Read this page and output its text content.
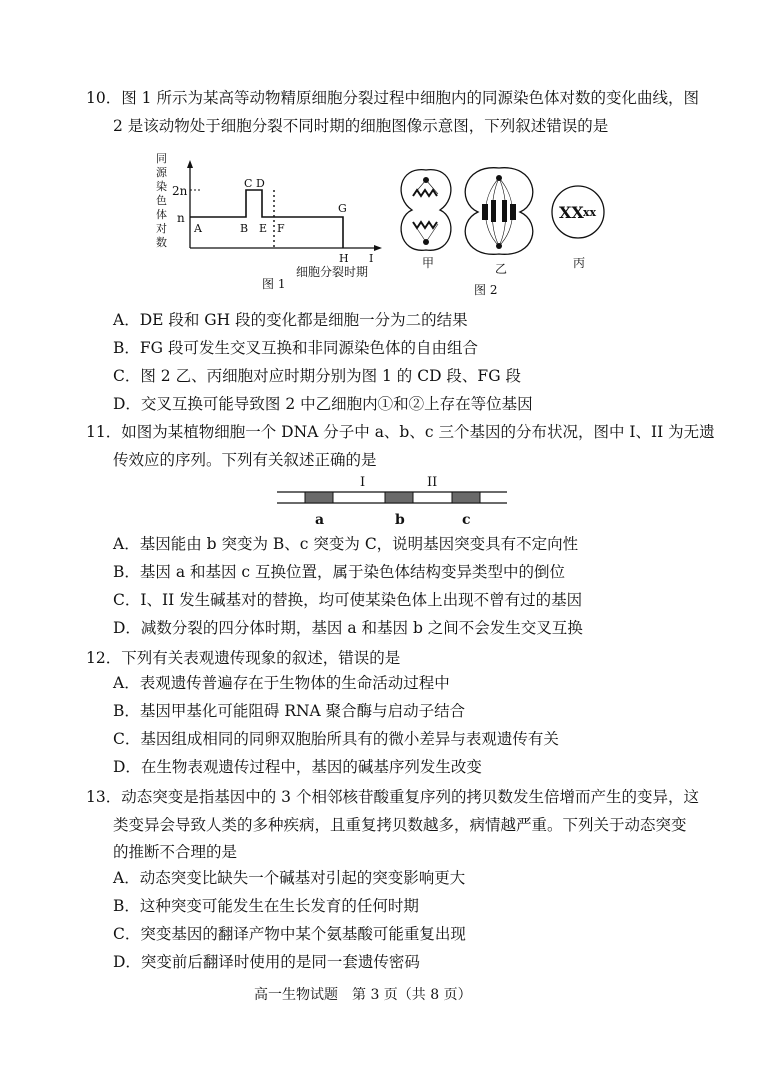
10．图 1 所示为某高等动物精原细胞分裂过程中细胞内的同源染色体对数的变化曲线，图
2 是该动物处于细胞分裂不同时期的细胞图像示意图，下列叙述错误的是
同
源
染
色
体
对
数
2n
n
A	B
C D
E F
G
H I
细胞分裂时期
图 1
甲	乙
XX xx
丙
图 2
A．DE 段和 GH 段的变化都是细胞一分为二的结果
B．FG 段可发生交叉互换和非同源染色体的自由组合
C．图 2 乙、丙细胞对应时期分别为图 1 的 CD 段、FG 段
D．交叉互换可能导致图 2 中乙细胞内①和②上存在等位基因
11．如图为某植物细胞一个 DNA 分子中 a、b、c 三个基因的分布状况，图中 I、II 为无遗
传效应的序列。下列有关叙述正确的是
I	II
a	b	c
A．基因能由 b 突变为 B、c 突变为 C，说明基因突变具有不定向性
B．基因 a 和基因 c 互换位置，属于染色体结构变异类型中的倒位
C．I、II 发生碱基对的替换，均可使某染色体上出现不曾有过的基因
D．减数分裂的四分体时期，基因 a 和基因 b 之间不会发生交叉互换
12．下列有关表观遗传现象的叙述，错误的是
A．表观遗传普遍存在于生物体的生命活动过程中
B．基因甲基化可能阻碍 RNA 聚合酶与启动子结合
C．基因组成相同的同卵双胞胎所具有的微小差异与表观遗传有关
D．在生物表观遗传过程中，基因的碱基序列发生改变
13．动态突变是指基因中的 3 个相邻核苷酸重复序列的拷贝数发生倍增而产生的变异，这
类变异会导致人类的多种疾病，且重复拷贝数越多，病情越严重。下列关于动态突变
的推断不合理的是
A．动态突变比缺失一个碱基对引起的突变影响更大
B．这种突变可能发生在生长发育的任何时期
C．突变基因的翻译产物中某个氨基酸可能重复出现
D．突变前后翻译时使用的是同一套遗传密码
高一生物试题　第 3 页（共 8 页）
